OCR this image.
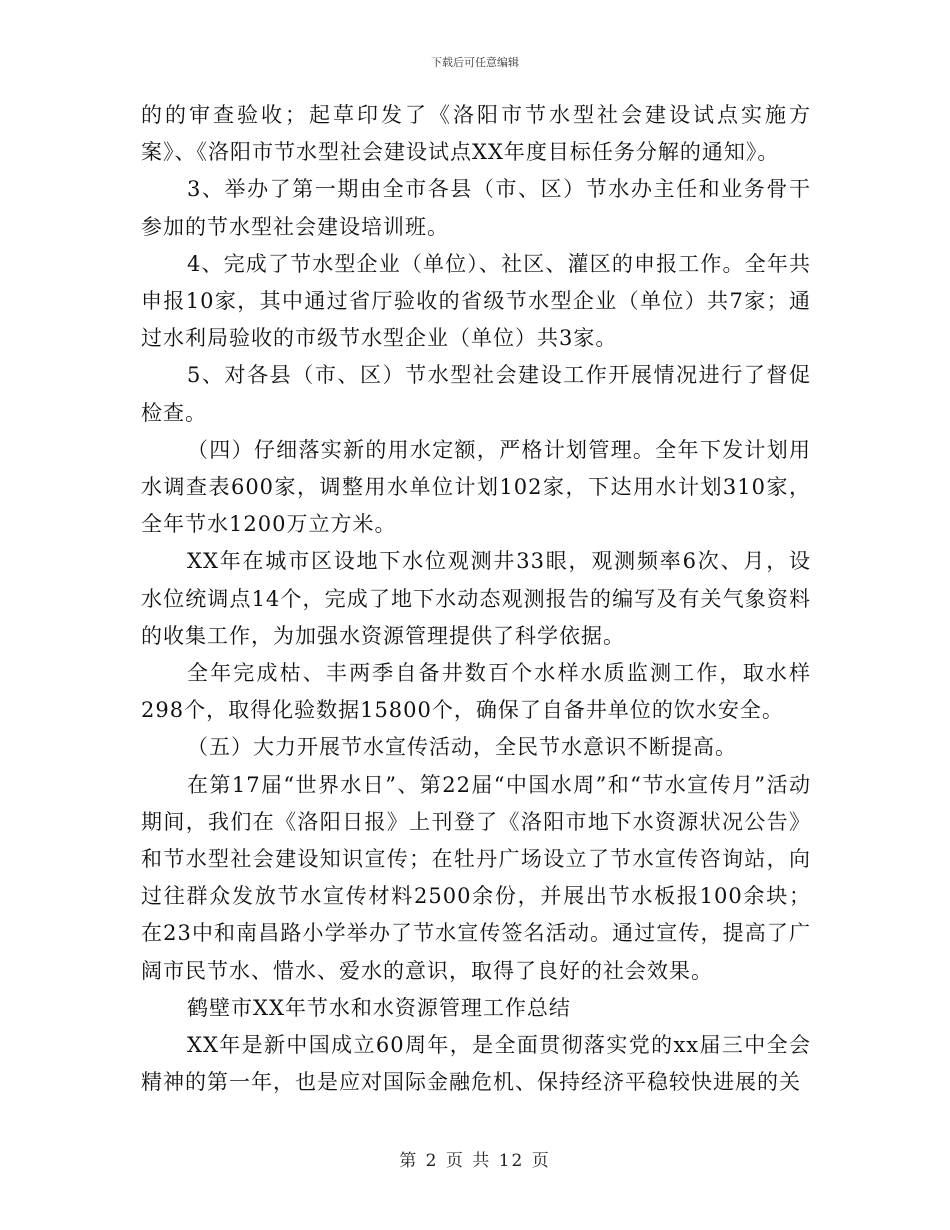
下载后可任意编辑

的的审查验收；起草印发了《洛阳市节水型社会建设试点实施方案》、《洛阳市节水型社会建设试点XX年度目标任务分解的通知》。

3、举办了第一期由全市各县（市、区）节水办主任和业务骨干参加的节水型社会建设培训班。

4、完成了节水型企业（单位）、社区、灌区的申报工作。全年共申报10家，其中通过省厅验收的省级节水型企业（单位）共7家；通过水利局验收的市级节水型企业（单位）共3家。

5、对各县（市、区）节水型社会建设工作开展情况进行了督促检查。

（四）仔细落实新的用水定额，严格计划管理。全年下发计划用水调查表600家，调整用水单位计划102家，下达用水计划310家，全年节水1200万立方米。

XX年在城市区设地下水位观测井33眼，观测频率6次、月，设水位统调点14个，完成了地下水动态观测报告的编写及有关气象资料的收集工作，为加强水资源管理提供了科学依据。

全年完成枯、丰两季自备井数百个水样水质监测工作，取水样298个，取得化验数据15800个，确保了自备井单位的饮水安全。

（五）大力开展节水宣传活动，全民节水意识不断提高。

在第17届“世界水日”、第22届“中国水周”和“节水宣传月”活动期间，我们在《洛阳日报》上刊登了《洛阳市地下水资源状况公告》和节水型社会建设知识宣传；在牡丹广场设立了节水宣传咨询站，向过往群众发放节水宣传材料2500余份，并展出节水板报100余块；在23中和南昌路小学举办了节水宣传签名活动。通过宣传，提高了广阔市民节水、惜水、爱水的意识，取得了良好的社会效果。

鹤壁市XX年节水和水资源管理工作总结

XX年是新中国成立60周年，是全面贯彻落实党的xx届三中全会精神的第一年，也是应对国际金融危机、保持经济平稳较快进展的关

第 2 页 共 12 页
